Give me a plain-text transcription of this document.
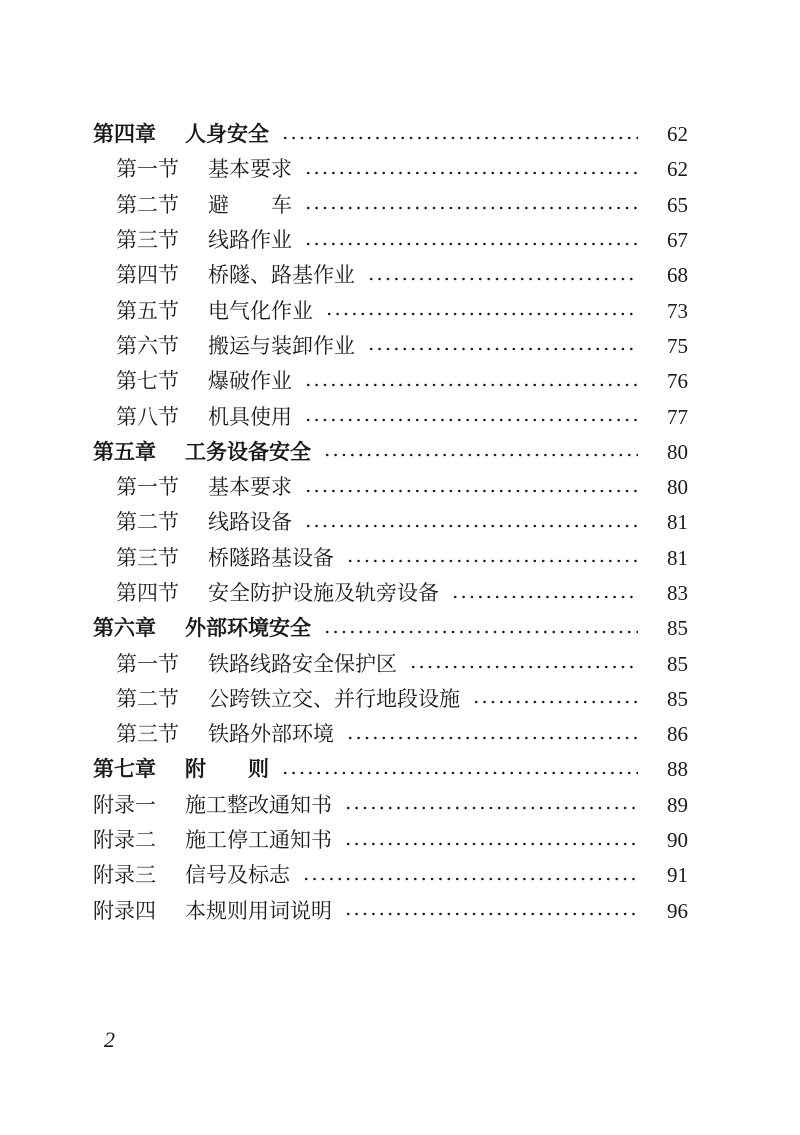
第四章	人身安全	62
第一节	基本要求	62
第二节	避　　车	65
第三节	线路作业	67
第四节	桥隧、路基作业	68
第五节	电气化作业	73
第六节	搬运与装卸作业	75
第七节	爆破作业	76
第八节	机具使用	77
第五章	工务设备安全	80
第一节	基本要求	80
第二节	线路设备	81
第三节	桥隧路基设备	81
第四节	安全防护设施及轨旁设备	83
第六章	外部环境安全	85
第一节	铁路线路安全保护区	85
第二节	公跨铁立交、并行地段设施	85
第三节	铁路外部环境	86
第七章	附　　则	88
附录一	施工整改通知书	89
附录二	施工停工通知书	90
附录三	信号及标志	91
附录四	本规则用词说明	96
2
